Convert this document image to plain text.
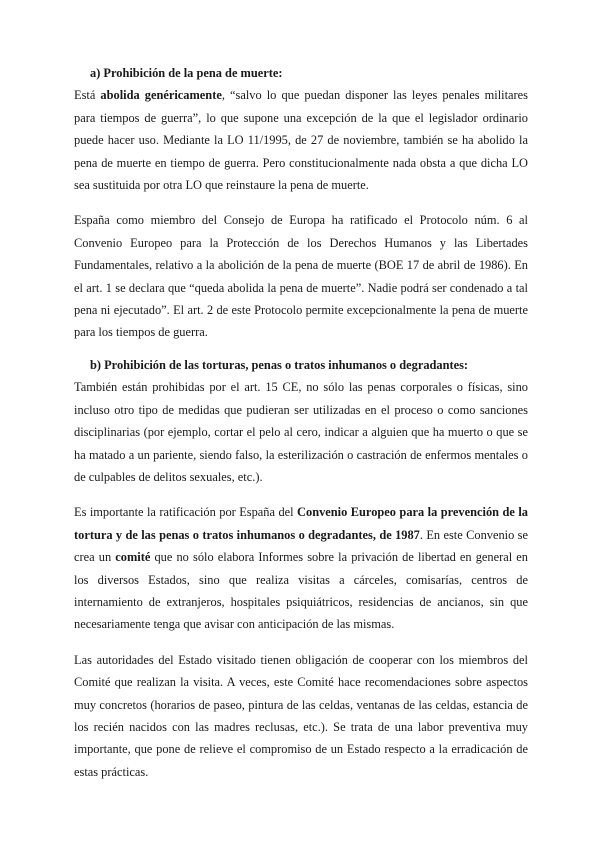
a) Prohibición de la pena de muerte:

Está abolida genéricamente, “salvo lo que puedan disponer las leyes penales militares para tiempos de guerra”, lo que supone una excepción de la que el legislador ordinario puede hacer uso. Mediante la LO 11/1995, de 27 de noviembre, también se ha abolido la pena de muerte en tiempo de guerra. Pero constitucionalmente nada obsta a que dicha LO sea sustituida por otra LO que reinstaure la pena de muerte.

España como miembro del Consejo de Europa ha ratificado el Protocolo núm. 6 al Convenio Europeo para la Protección de los Derechos Humanos y las Libertades Fundamentales, relativo a la abolición de la pena de muerte (BOE 17 de abril de 1986). En el art. 1 se declara que “queda abolida la pena de muerte”. Nadie podrá ser condenado a tal pena ni ejecutado”. El art. 2 de este Protocolo permite excepcionalmente la pena de muerte para los tiempos de guerra.

b) Prohibición de las torturas, penas o tratos inhumanos o degradantes:

También están prohibidas por el art. 15 CE, no sólo las penas corporales o físicas, sino incluso otro tipo de medidas que pudieran ser utilizadas en el proceso o como sanciones disciplinarias (por ejemplo, cortar el pelo al cero, indicar a alguien que ha muerto o que se ha matado a un pariente, siendo falso, la esterilización o castración de enfermos mentales o de culpables de delitos sexuales, etc.).

Es importante la ratificación por España del Convenio Europeo para la prevención de la tortura y de las penas o tratos inhumanos o degradantes, de 1987. En este Convenio se crea un comité que no sólo elabora Informes sobre la privación de libertad en general en los diversos Estados, sino que realiza visitas a cárceles, comisarías, centros de internamiento de extranjeros, hospitales psiquiátricos, residencias de ancianos, sin que necesariamente tenga que avisar con anticipación de las mismas.

Las autoridades del Estado visitado tienen obligación de cooperar con los miembros del Comité que realizan la visita. A veces, este Comité hace recomendaciones sobre aspectos muy concretos (horarios de paseo, pintura de las celdas, ventanas de las celdas, estancia de los recién nacidos con las madres reclusas, etc.). Se trata de una labor preventiva muy importante, que pone de relieve el compromiso de un Estado respecto a la erradicación de estas prácticas.
